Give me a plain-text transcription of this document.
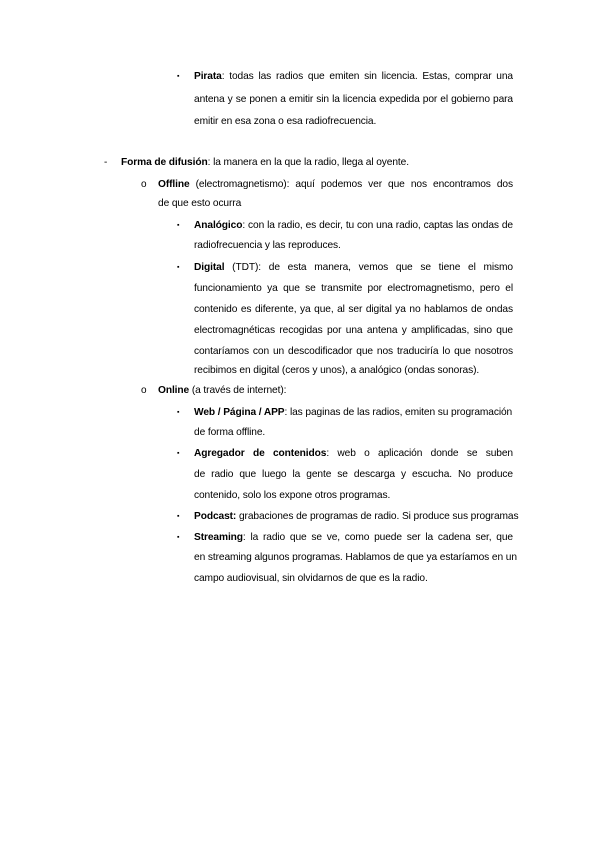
▪ Pirata: todas las radios que emiten sin licencia. Estas, comprar una
antena y se ponen a emitir sin la licencia expedida por el gobierno para
emitir en esa zona o esa radiofrecuencia.
- Forma de difusión: la manera en la que la radio, llega al oyente.
o Offline (electromagnetismo): aquí podemos ver que nos encontramos dos
de que esto ocurra
▪ Analógico: con la radio, es decir, tu con una radio, captas las ondas de
radiofrecuencia y las reproduces.
▪ Digital (TDT): de esta manera, vemos que se tiene el mismo
funcionamiento ya que se transmite por electromagnetismo, pero el
contenido es diferente, ya que, al ser digital ya no hablamos de ondas
electromagnéticas recogidas por una antena y amplificadas, sino que
contaríamos con un descodificador que nos traduciría lo que nosotros
recibimos en digital (ceros y unos), a analógico (ondas sonoras).
o Online (a través de internet):
▪ Web / Página / APP: las paginas de las radios, emiten su programación
de forma offline.
▪ Agregador de contenidos: web o aplicación donde se suben
de radio que luego la gente se descarga y escucha. No produce
contenido, solo los expone otros programas.
▪ Podcast: grabaciones de programas de radio. Si produce sus programas
▪ Streaming: la radio que se ve, como puede ser la cadena ser, que
en streaming algunos programas. Hablamos de que ya estaríamos en un
campo audiovisual, sin olvidarnos de que es la radio.
